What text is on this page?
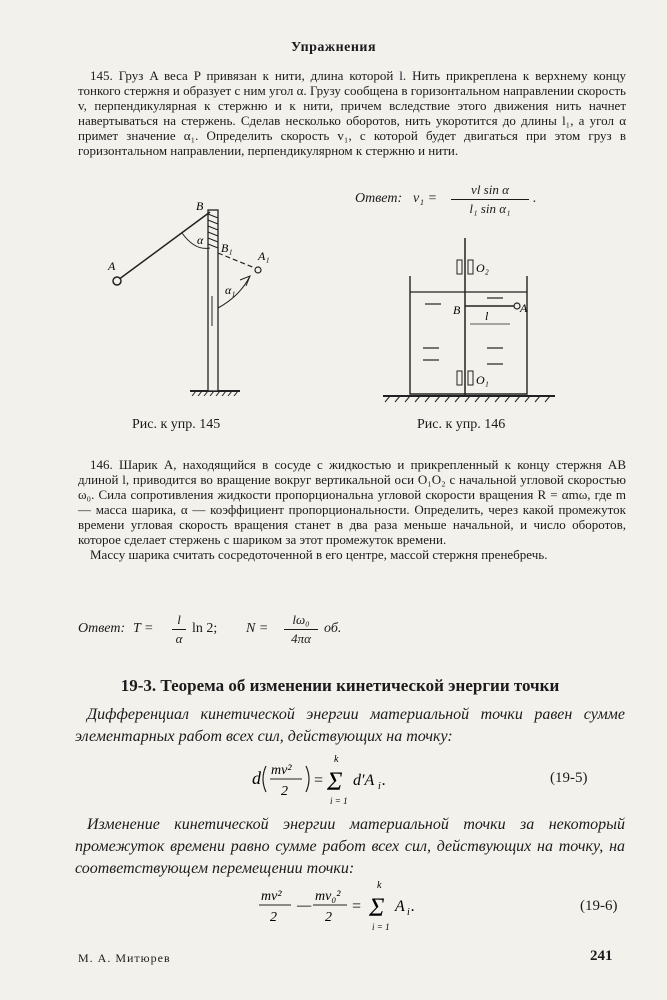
Упражнения

145. Груз A веса P привязан к нити, длина которой l. Нить прикреплена к верхнему концу тонкого стержня и образует с ним угол α. Грузу сообщена в горизонтальном направлении скорость v, перпендикулярная к стержню и к нити, причем вследствие этого движения нить начнет навертываться на стержень. Сделав несколько оборотов, нить укоротится до длины l₁, а угол α примет значение α₁. Определить скорость v₁, с которой будет двигаться при этом груз в горизонтальном направлении, перпендикулярном к стержню и нити.

Ответ: v₁ =
vl sin α
l₁ sin α₁
.
B
B₁
A
A₁
α
α₁
Рис. к упр. 145
O₂
O₁
B	A
l
Рис. к упр. 146

146. Шарик A, находящийся в сосуде с жидкостью и прикрепленный к концу стержня AB длиной l, приводится во вращение вокруг вертикальной оси O₁O₂ с начальной угловой скоростью ω₀. Сила сопротивления жидкости пропорциональна угловой скорости вращения R = αmω, где m — масса шарика, α — коэффициент пропорциональности. Определить, через какой промежуток времени угловая скорость вращения станет в два раза меньше начальной, и число оборотов, которое сделает стержень с шариком за этот промежуток времени.

Массу шарика считать сосредоточенной в его центре, массой стержня пренебречь.

Ответ: T =
l
α
ln 2; N =
lω₀
4πα
об.
19-3. Теорема об изменении кинетической энергии точки
Дифференциал кинетической энергии материальной точки равен сумме элементарных работ всех сил, действующих на точку:
d mv²
2
=
k
Σ
i = 1
d′A i .	(19-5)
Изменение кинетической энергии материальной точки за некоторый промежуток времени равно сумме работ всех сил, действующих на точку, на соответствующем перемещении точки:
mv²
2
—
mv₀²
2
=
k
Σ
i = 1
A i .	(19-6)
М. А. Митюрев	241
